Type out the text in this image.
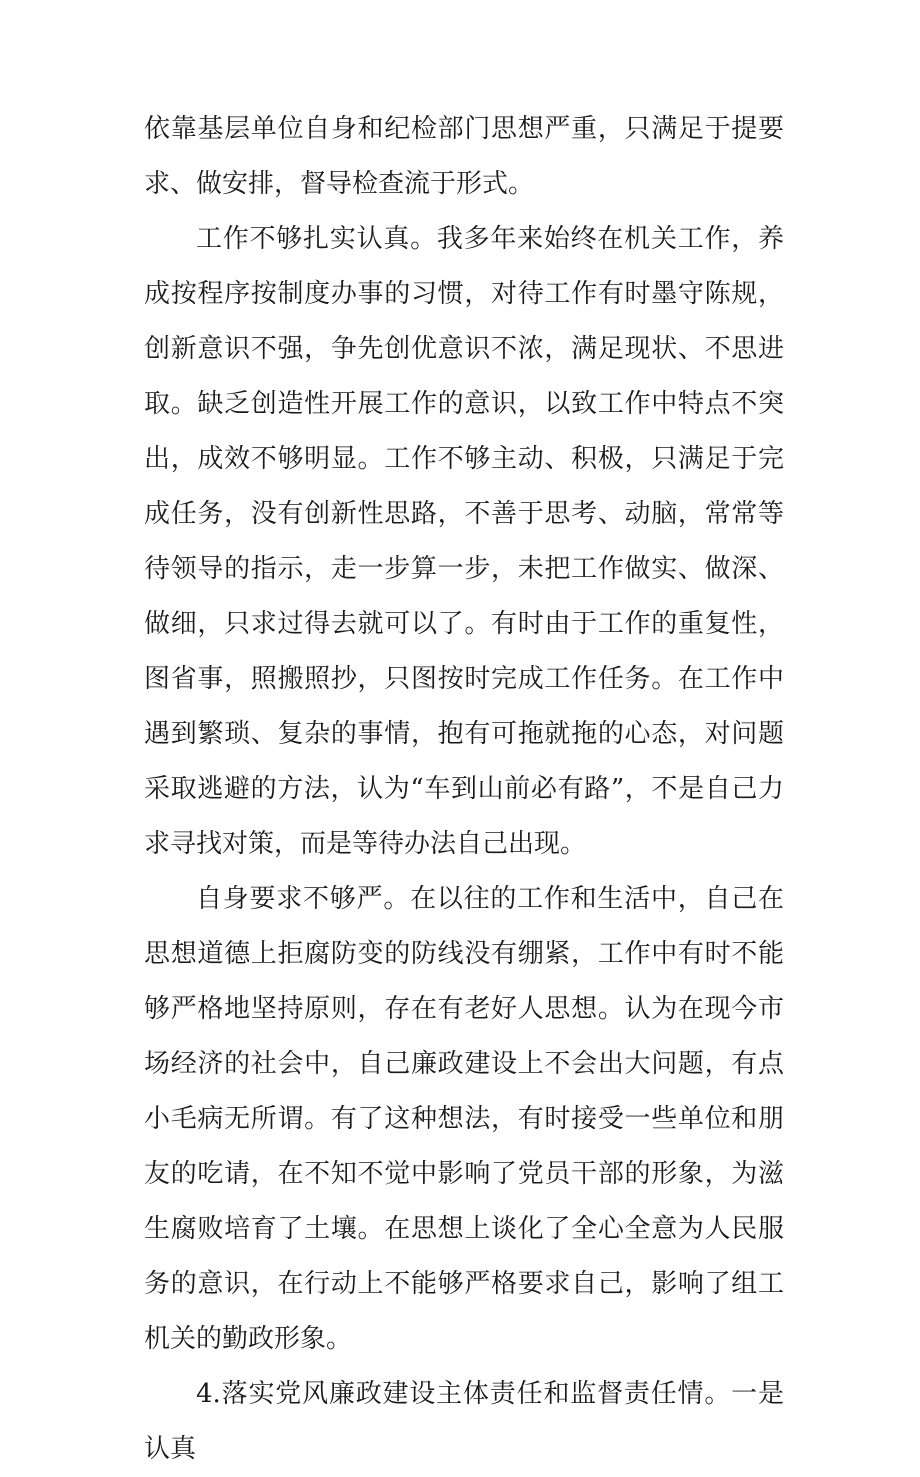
依靠基层单位自身和纪检部门思想严重，只满足于提要求、做安排，督导检查流于形式。

工作不够扎实认真。我多年来始终在机关工作，养成按程序按制度办事的习惯，对待工作有时墨守陈规，创新意识不强，争先创优意识不浓，满足现状、不思进取。缺乏创造性开展工作的意识，以致工作中特点不突出，成效不够明显。工作不够主动、积极，只满足于完成任务，没有创新性思路，不善于思考、动脑，常常等待领导的指示，走一步算一步，未把工作做实、做深、做细，只求过得去就可以了。有时由于工作的重复性，图省事，照搬照抄，只图按时完成工作任务。在工作中遇到繁琐、复杂的事情，抱有可拖就拖的心态，对问题采取逃避的方法，认为“车到山前必有路”，不是自己力求寻找对策，而是等待办法自己出现。

自身要求不够严。在以往的工作和生活中，自己在思想道德上拒腐防变的防线没有绷紧，工作中有时不能够严格地坚持原则，存在有老好人思想。认为在现今市场经济的社会中，自己廉政建设上不会出大问题，有点小毛病无所谓。有了这种想法，有时接受一些单位和朋友的吃请，在不知不觉中影响了党员干部的形象，为滋生腐败培育了土壤。在思想上谈化了全心全意为人民服务的意识，在行动上不能够严格要求自己，影响了组工机关的勤政形象。

4.落实党风廉政建设主体责任和监督责任情。一是认真
